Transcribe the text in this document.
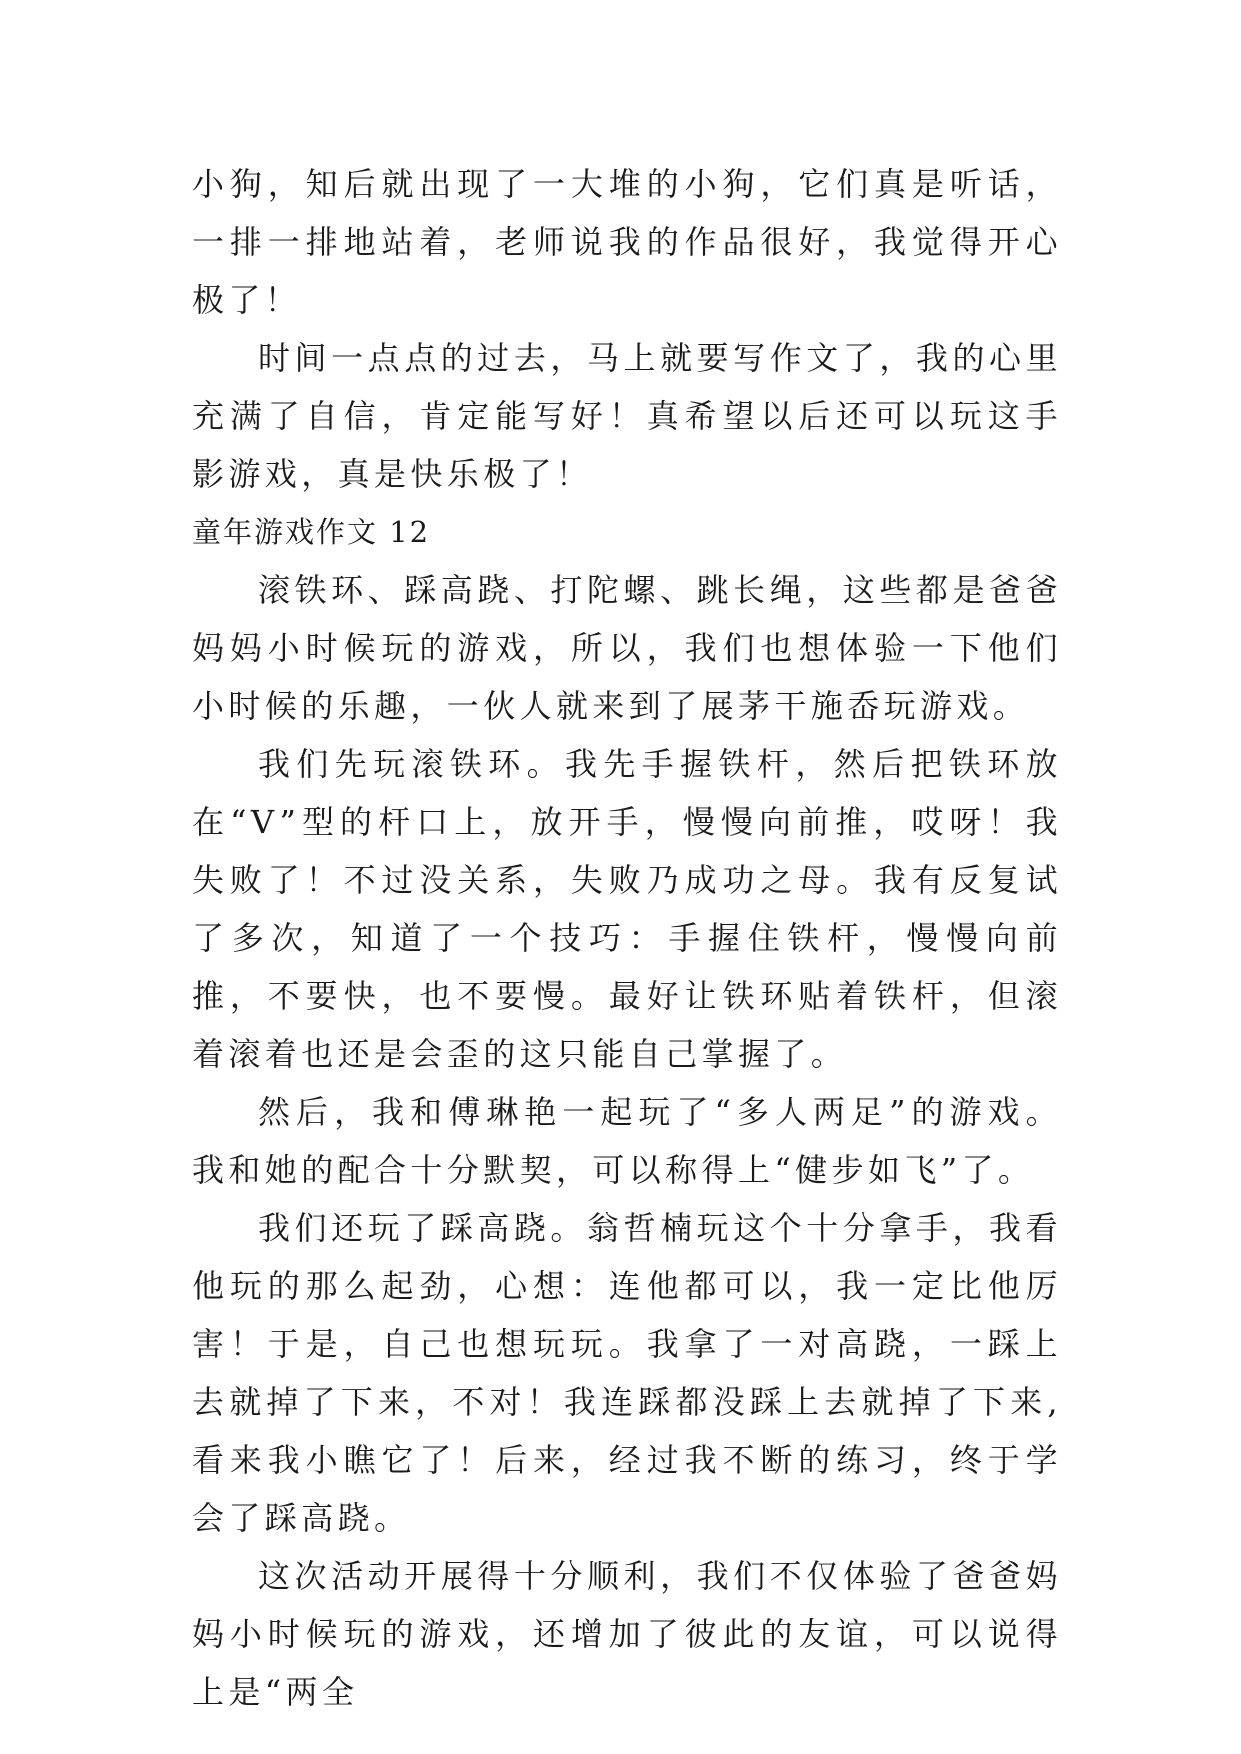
小狗，知后就出现了一大堆的小狗，它们真是听话，一排一排地站着，老师说我的作品很好，我觉得开心极了！

时间一点点的过去，马上就要写作文了，我的心里充满了自信，肯定能写好！真希望以后还可以玩这手影游戏，真是快乐极了！

童年游戏作文 12

滚铁环、踩高跷、打陀螺、跳长绳，这些都是爸爸妈妈小时候玩的游戏，所以，我们也想体验一下他们小时候的乐趣，一伙人就来到了展茅干施岙玩游戏。

我们先玩滚铁环。我先手握铁杆，然后把铁环放在“V”型的杆口上，放开手，慢慢向前推，哎呀！我失败了！不过没关系，失败乃成功之母。我有反复试了多次，知道了一个技巧：手握住铁杆，慢慢向前推，不要快，也不要慢。最好让铁环贴着铁杆，但滚着滚着也还是会歪的这只能自己掌握了。

然后，我和傅琳艳一起玩了“多人两足”的游戏。我和她的配合十分默契，可以称得上“健步如飞”了。

我们还玩了踩高跷。翁哲楠玩这个十分拿手，我看他玩的那么起劲，心想：连他都可以，我一定比他厉害！于是，自己也想玩玩。我拿了一对高跷，一踩上去就掉了下来，不对！我连踩都没踩上去就掉了下来,看来我小瞧它了！后来，经过我不断的练习，终于学会了踩高跷。

这次活动开展得十分顺利，我们不仅体验了爸爸妈妈小时候玩的游戏，还增加了彼此的友谊，可以说得上是“两全
